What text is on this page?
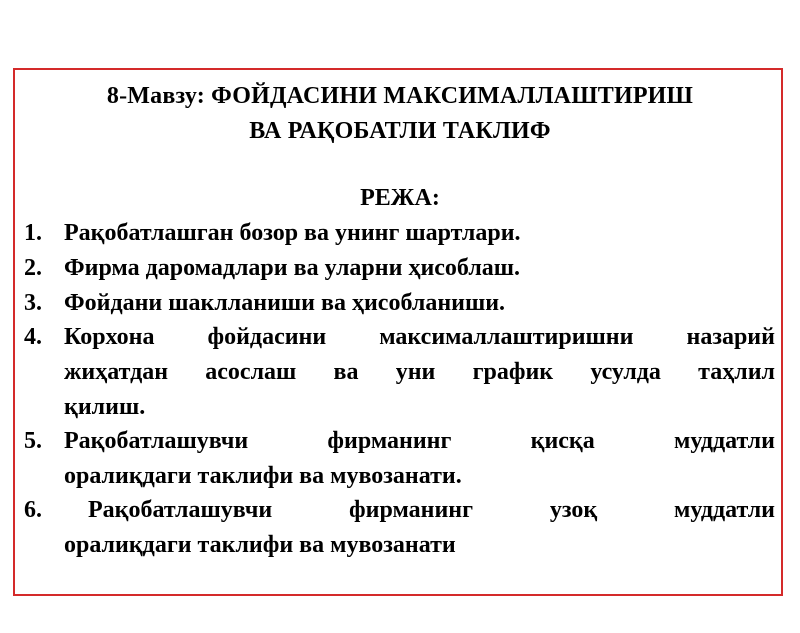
8-Мавзу: ФОЙДАСИНИ МАКСИМАЛЛАШТИРИШ
ВА РАҚОБАТЛИ ТАКЛИФ
РЕЖА:
1. Рақобатлашган бозор ва унинг шартлари.
2. Фирма даромадлари ва уларни ҳисоблаш.
3. Фойдани шаклланиши ва ҳисобланиши.
4. Корхона фойдасини максималлаштиришни назарий
жиҳатдан асослаш ва уни график усулда таҳлил
қилиш.
5. Рақобатлашувчи	фирманинг	қисқа	муддатли
оралиқдаги таклифи ва мувозанати.
6. Рақобатлашувчи	фирманинг	узоқ	муддатли
оралиқдаги таклифи ва мувозанати
